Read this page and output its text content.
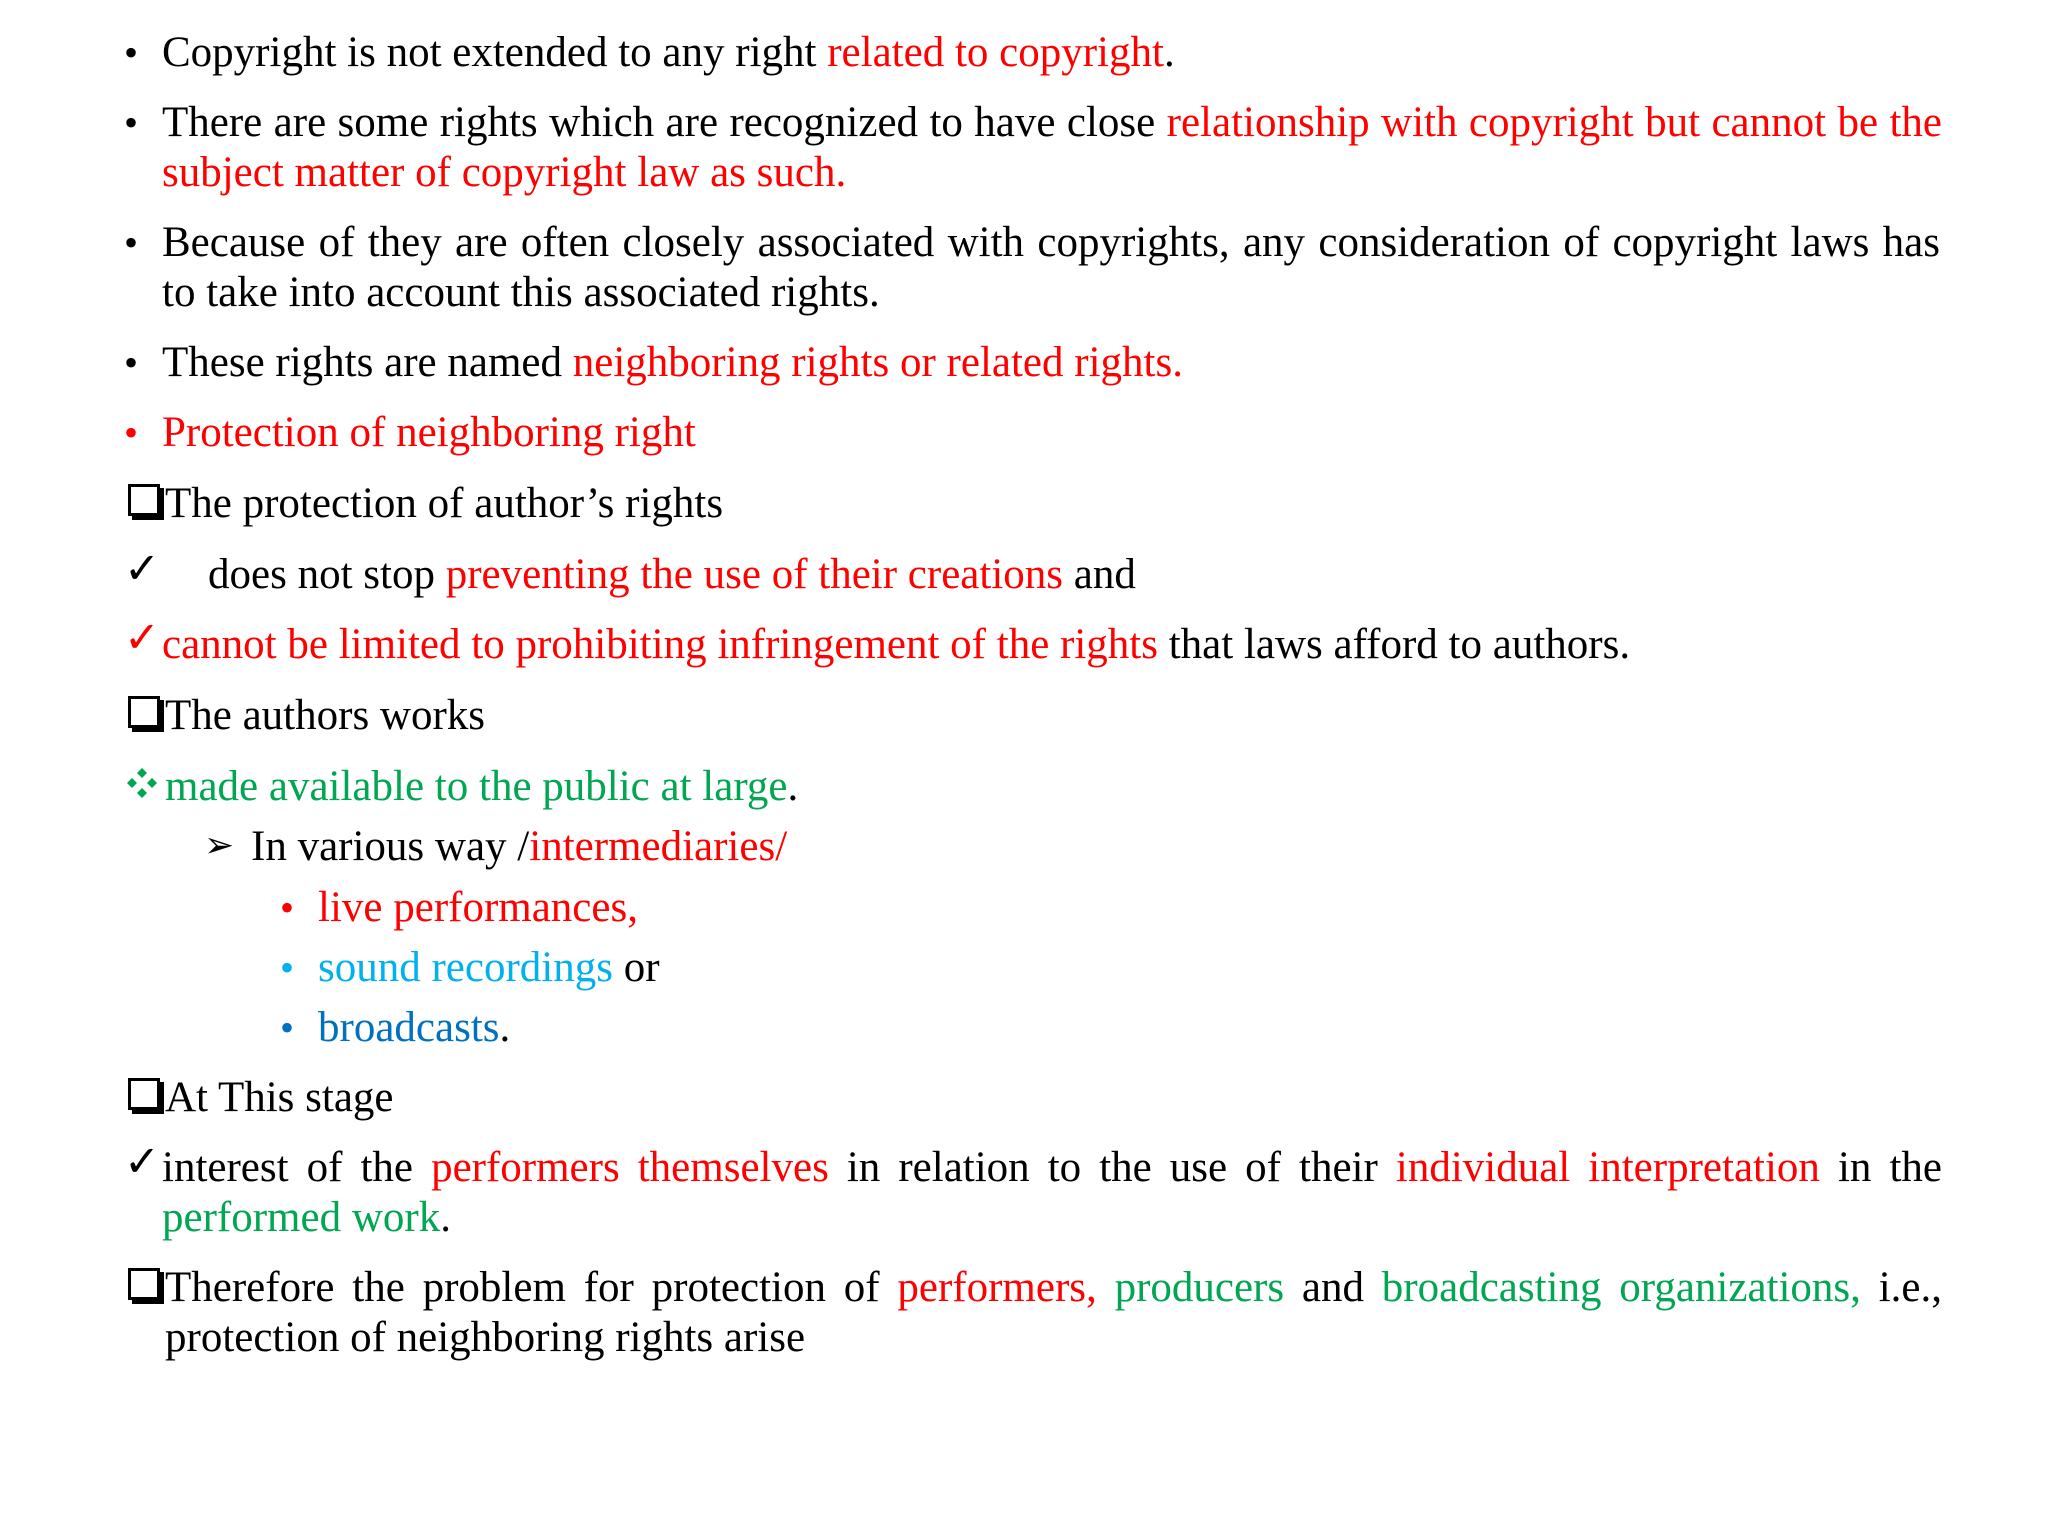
• Copyright is not extended to any right related to copyright.
• There are some rights which are recognized to have close relationship with copyright but cannot be the subject matter of copyright law as such.
• Because of they are often closely associated with copyrights, any consideration of copyright laws has to take into account this associated rights.
• These rights are named neighboring rights or related rights.
• Protection of neighboring right
The protection of author’s rights
✓ does not stop preventing the use of their creations and
✓ cannot be limited to prohibiting infringement of the rights that laws afford to authors.
The authors works
made available to the public at large.
➢ In various way /intermediaries/
• live performances,
• sound recordings or
• broadcasts.
At This stage
✓ interest of the performers themselves in relation to the use of their individual interpretation in the performed work.
Therefore the problem for protection of performers, producers and broadcasting organizations, i.e., protection of neighboring rights arise
